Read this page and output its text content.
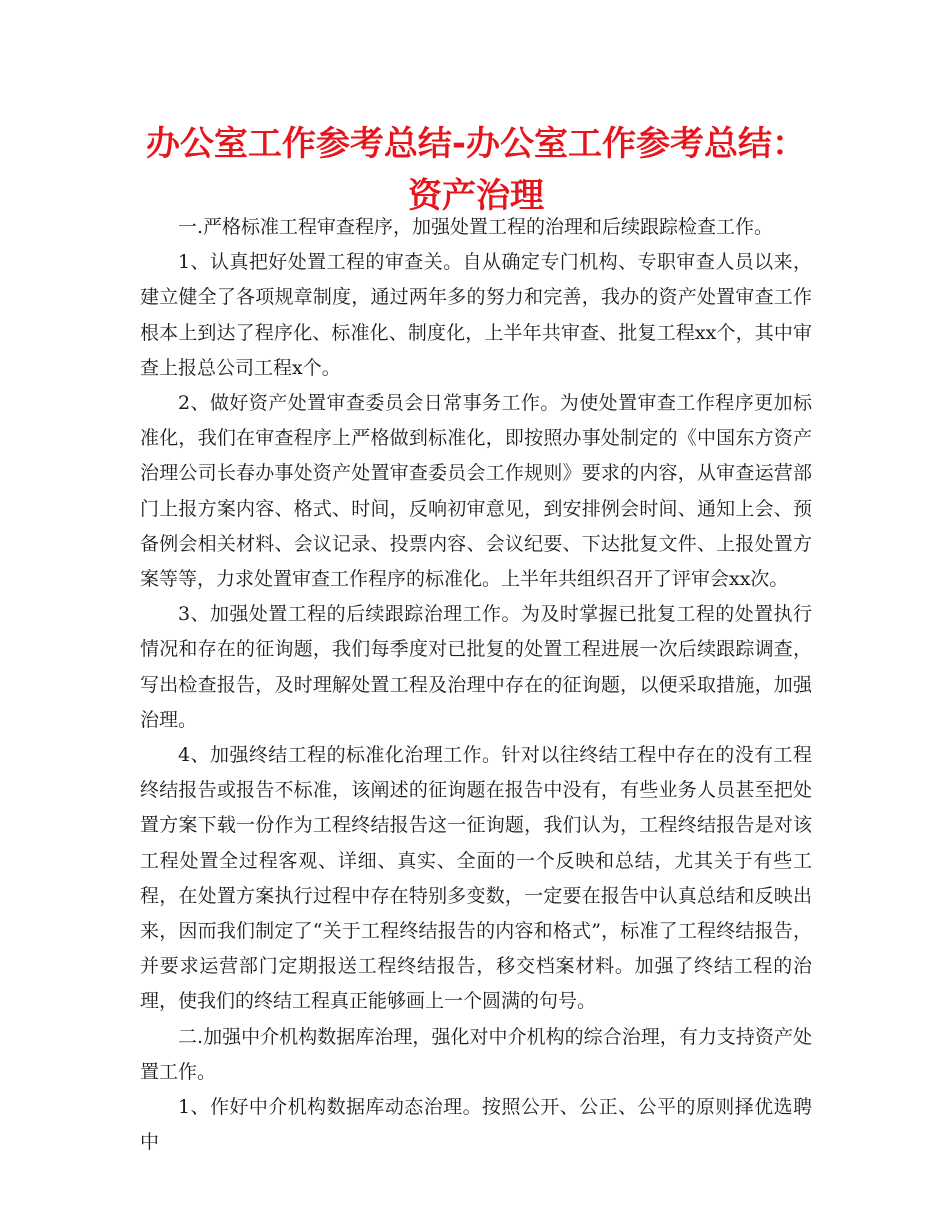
办公室工作参考总结-办公室工作参考总结：资产治理

一.严格标准工程审查程序，加强处置工程的治理和后续跟踪检查工作。

1、认真把好处置工程的审查关。自从确定专门机构、专职审查人员以来，建立健全了各项规章制度，通过两年多的努力和完善，我办的资产处置审查工作根本上到达了程序化、标准化、制度化，上半年共审查、批复工程xx个，其中审查上报总公司工程x个。

2、做好资产处置审查委员会日常事务工作。为使处置审查工作程序更加标准化，我们在审查程序上严格做到标准化，即按照办事处制定的《中国东方资产治理公司长春办事处资产处置审查委员会工作规则》要求的内容，从审查运营部门上报方案内容、格式、时间，反响初审意见，到安排例会时间、通知上会、预备例会相关材料、会议记录、投票内容、会议纪要、下达批复文件、上报处置方案等等，力求处置审查工作程序的标准化。上半年共组织召开了评审会xx次。

3、加强处置工程的后续跟踪治理工作。为及时掌握已批复工程的处置执行情况和存在的征询题，我们每季度对已批复的处置工程进展一次后续跟踪调查，写出检查报告，及时理解处置工程及治理中存在的征询题，以便采取措施，加强治理。

4、加强终结工程的标准化治理工作。针对以往终结工程中存在的没有工程终结报告或报告不标准，该阐述的征询题在报告中没有，有些业务人员甚至把处置方案下载一份作为工程终结报告这一征询题，我们认为，工程终结报告是对该工程处置全过程客观、详细、真实、全面的一个反映和总结，尤其关于有些工程，在处置方案执行过程中存在特别多变数，一定要在报告中认真总结和反映出来，因而我们制定了“关于工程终结报告的内容和格式”，标准了工程终结报告，并要求运营部门定期报送工程终结报告，移交档案材料。加强了终结工程的治理，使我们的终结工程真正能够画上一个圆满的句号。

二.加强中介机构数据库治理，强化对中介机构的综合治理，有力支持资产处置工作。

1、作好中介机构数据库动态治理。按照公开、公正、公平的原则择优选聘中
